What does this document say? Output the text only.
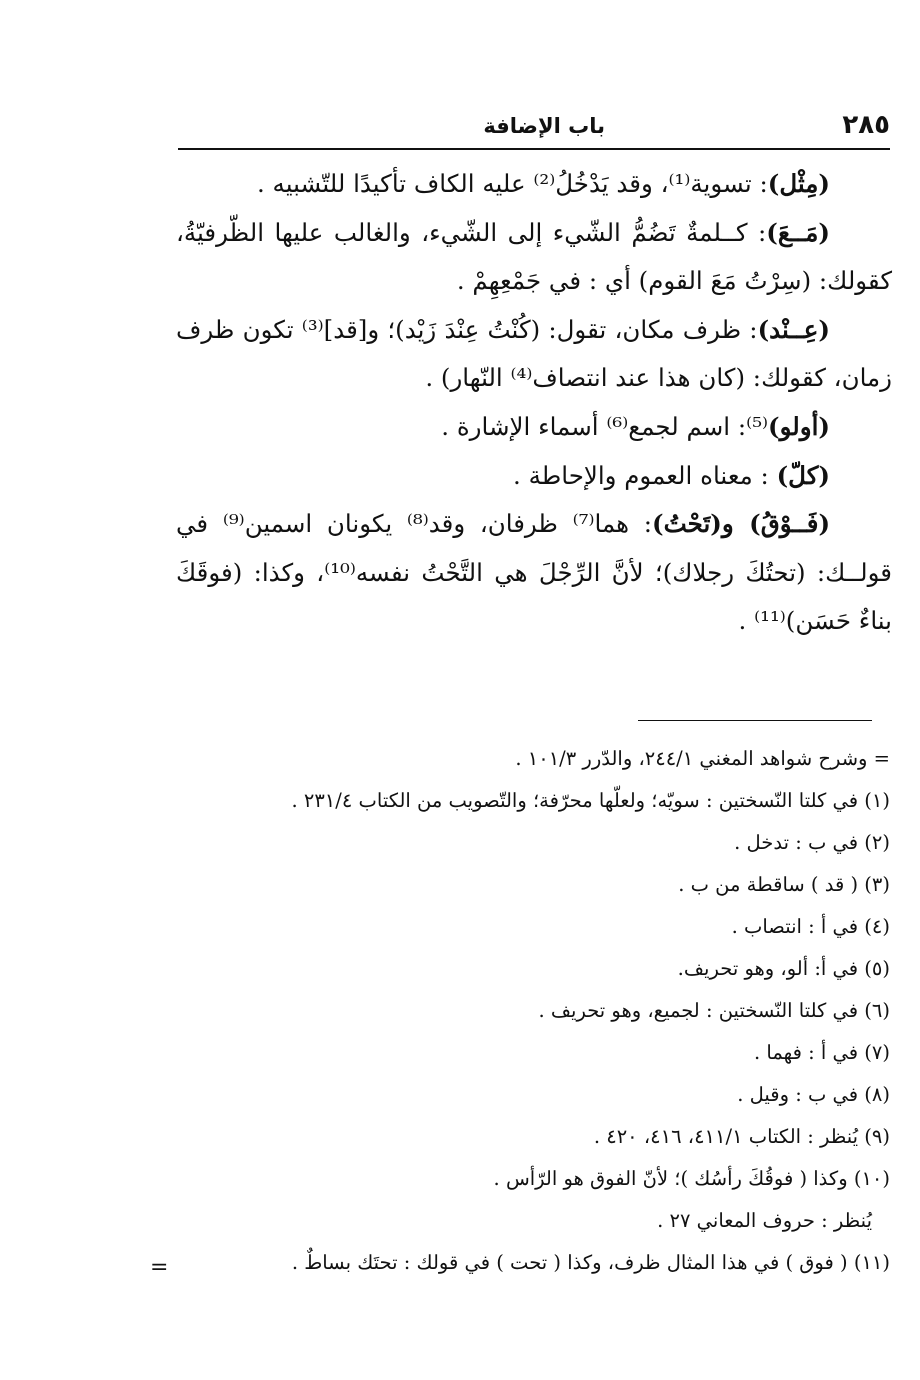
٢٨٥
باب الإضافة

(مِثْل): تسوية⁽¹⁾، وقد يَدْخُلُ⁽²⁾ عليه الكاف تأكيدًا للتّشبيه .

(مَــعَ): كــلمةٌ تَضُمُّ الشّيء إلى الشّيء، والغالب عليها الظّرفيّةُ، كقولك: (سِرْتُ مَعَ القوم) أي : في جَمْعِهِمْ .

(عِــنْد): ظرف مكان، تقول: (كُنْتُ عِنْدَ زَيْد)؛ و[قد]⁽³⁾ تكون ظرف زمان، كقولك: (كان هذا عند انتصاف⁽⁴⁾ النّهار) .

(أولو)⁽⁵⁾: اسم لجمع⁽⁶⁾ أسماء الإشارة .

(كلّ) : معناه العموم والإحاطة .

(فَــوْقُ) و(تَحْتُ): هما⁽⁷⁾ ظرفان، وقد⁽⁸⁾ يكونان اسمين⁽⁹⁾ في قولــك: (تحتُكَ رجلاك)؛ لأنَّ الرِّجْلَ هي التَّحْتُ نفسه⁽¹⁰⁾، وكذا: (فوقَكَ بناءٌ حَسَن)⁽¹¹⁾ .

= وشرح شواهد المغني ٢٤٤/١، والدّرر ١٠١/٣ .

(١) في كلتا النّسختين : سويّه؛ ولعلّها محرّفة؛ والتّصويب من الكتاب ٢٣١/٤ .

(٢) في ب : تدخل .

(٣) ( قد ) ساقطة من ب .

(٤) في أ : انتصاب .

(٥) في أ: ألو، وهو تحريف.

(٦) في كلتا النّسختين : لجميع، وهو تحريف .

(٧) في أ : فهما .

(٨) في ب : وقيل .

(٩) يُنظر : الكتاب ٤١١/١، ٤١٦، ٤٢٠ .

(١٠) وكذا ( فوقُكَ رأسُك )؛ لأنّ الفوق هو الرّأس .

يُنظر : حروف المعاني ٢٧ .

(١١) ( فوق ) في هذا المثال ظرف، وكذا ( تحت ) في قولك : تحتَك بساطٌ .

=
